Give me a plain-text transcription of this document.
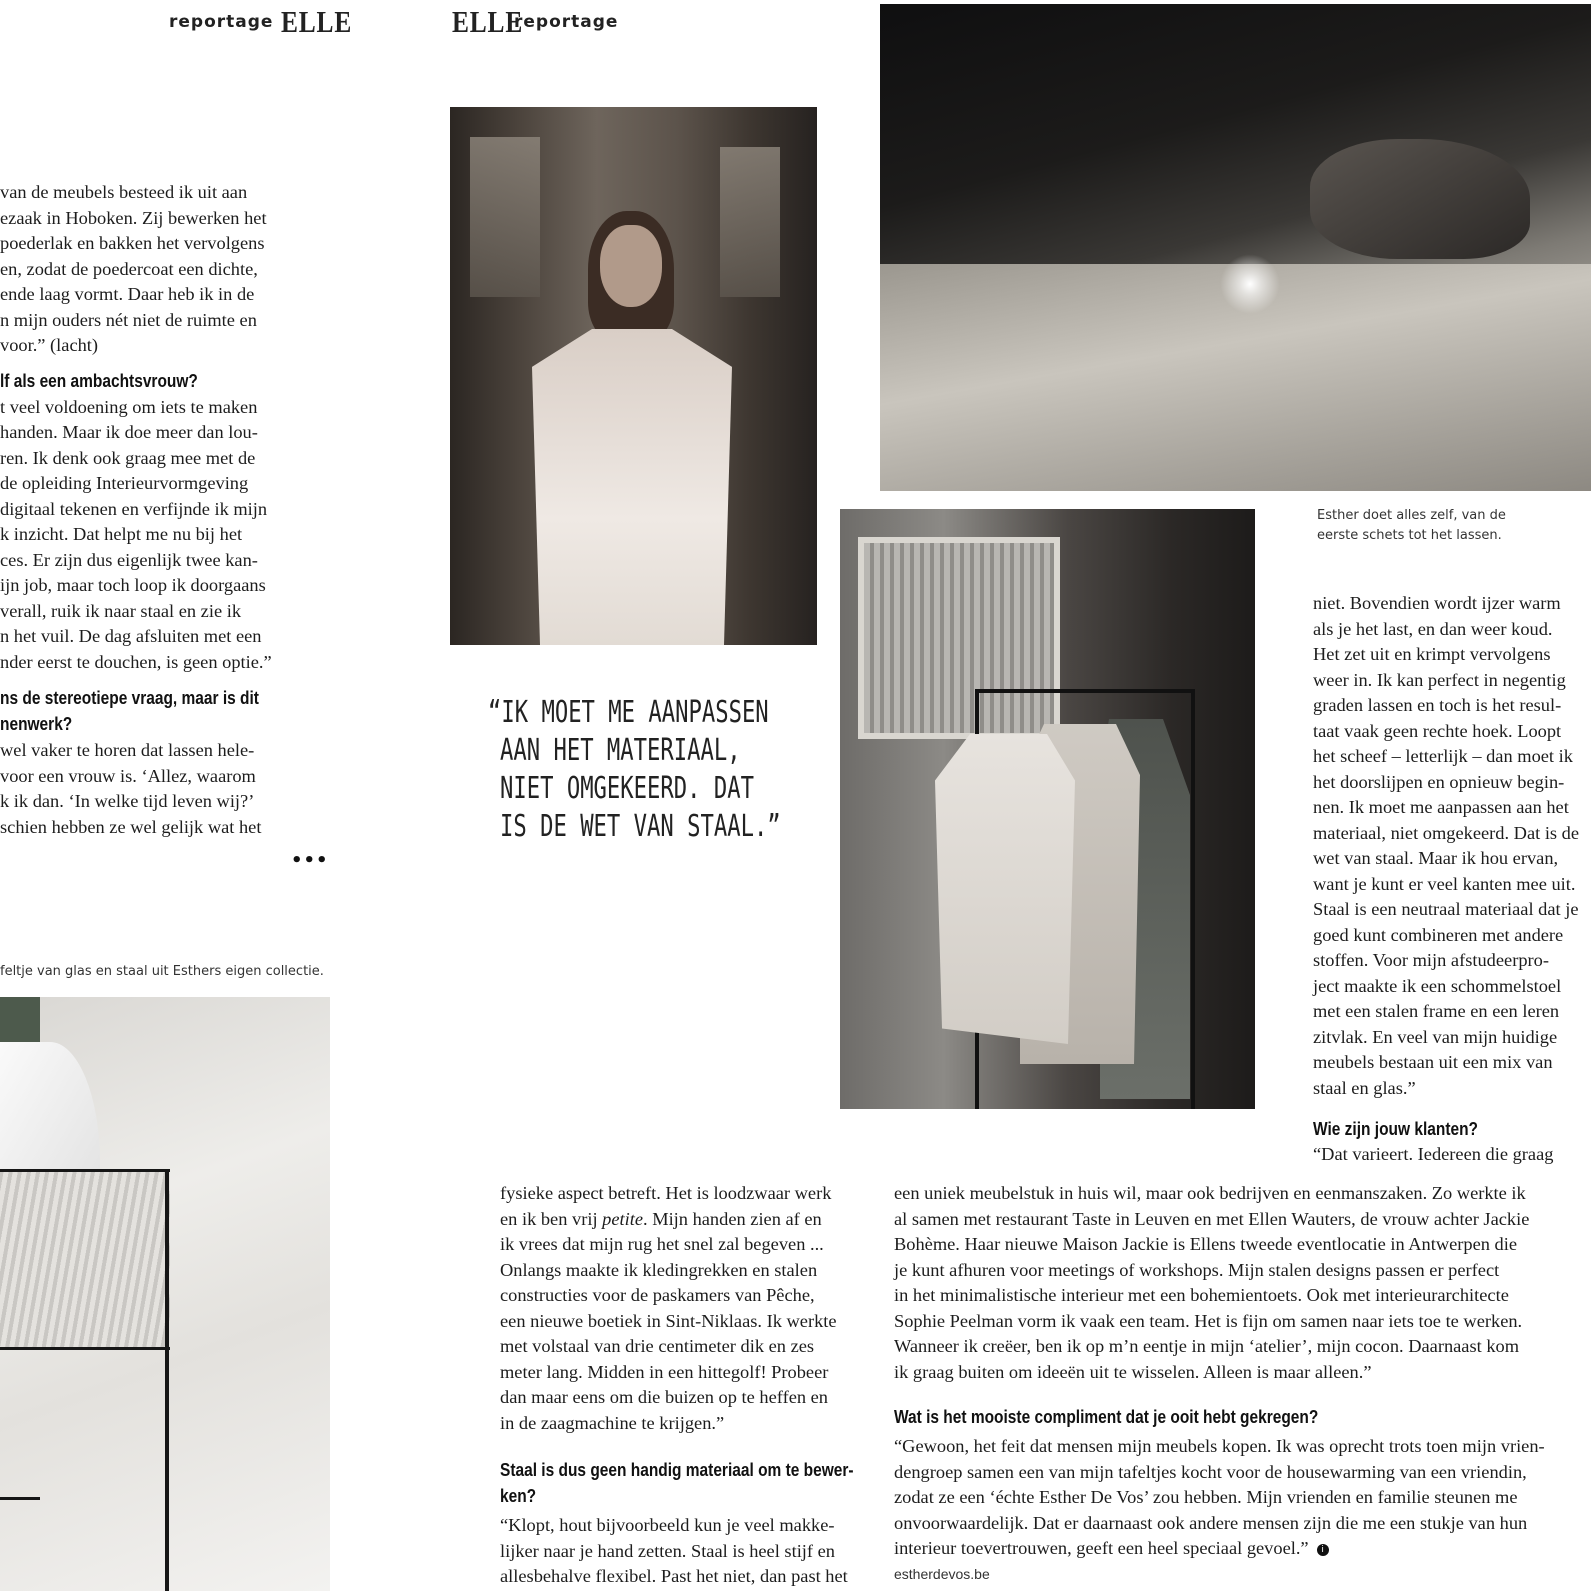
reportage ELLE	ELLE
reportage
van de meubels besteed ik uit aan
ezaak in Hoboken. Zij bewerken het
poederlak en bakken het vervolgens
en, zodat de poedercoat een dichte,
ende laag vormt. Daar heb ik in de
n mijn ouders nét niet de ruimte en
voor.” (lacht)
lf als een ambachtsvrouw?
t veel voldoening om iets te maken
handen. Maar ik doe meer dan lou-
ren. Ik denk ook graag mee met de
de opleiding Interieurvormgeving
digitaal tekenen en verfijnde ik mijn
k inzicht. Dat helpt me nu bij het
ces. Er zijn dus eigenlijk twee kan-
ijn job, maar toch loop ik doorgaans
verall, ruik ik naar staal en zie ik
n het vuil. De dag afsluiten met een
nder eerst te douchen, is geen optie.”
ns de stereotiepe vraag, maar is dit
nenwerk?
wel vaker te horen dat lassen hele-
voor een vrouw is. ‘Allez, waarom
k ik dan. ‘In welke tijd leven wij?’
schien hebben ze wel gelijk wat het
•••
feltje van glas en staal uit Esthers eigen collectie.
“IK MOET ME AANPASSEN
AAN HET MATERIAAL,
NIET OMGEKEERD. DAT
IS DE WET VAN STAAL.”
Esther doet alles zelf, van de
eerste schets tot het lassen.
niet. Bovendien wordt ijzer warm
als je het last, en dan weer koud.
Het zet uit en krimpt vervolgens
weer in. Ik kan perfect in negentig
graden lassen en toch is het resul-
taat vaak geen rechte hoek. Loopt
het scheef – letterlijk – dan moet ik
het doorslijpen en opnieuw begin-
nen. Ik moet me aanpassen aan het
materiaal, niet omgekeerd. Dat is de
wet van staal. Maar ik hou ervan,
want je kunt er veel kanten mee uit.
Staal is een neutraal materiaal dat je
goed kunt combineren met andere
stoffen. Voor mijn afstudeerpro-
ject maakte ik een schommelstoel
met een stalen frame en een leren
zitvlak. En veel van mijn huidige
meubels bestaan uit een mix van
staal en glas.”
Wie zijn jouw klanten?
“Dat varieert. Iedereen die graag
fysieke aspect betreft. Het is loodzwaar werk
en ik ben vrij petite. Mijn handen zien af en
ik vrees dat mijn rug het snel zal begeven ...
Onlangs maakte ik kledingrekken en stalen
constructies voor de paskamers van Pêche,
een nieuwe boetiek in Sint-Niklaas. Ik werkte
met volstaal van drie centimeter dik en zes
meter lang. Midden in een hittegolf! Probeer
dan maar eens om die buizen op te heffen en
in de zaagmachine te krijgen.”
Staal is dus geen handig materiaal om te bewer-
ken?
“Klopt, hout bijvoorbeeld kun je veel makke-
lijker naar je hand zetten. Staal is heel stijf en
allesbehalve flexibel. Past het niet, dan past het
een uniek meubelstuk in huis wil, maar ook bedrijven en eenmanszaken. Zo werkte ik
al samen met restaurant Taste in Leuven en met Ellen Wauters, de vrouw achter Jackie
Bohème. Haar nieuwe Maison Jackie is Ellens tweede eventlocatie in Antwerpen die
je kunt afhuren voor meetings of workshops. Mijn stalen designs passen er perfect
in het minimalistische interieur met een bohemientoets. Ook met interieurarchitecte
Sophie Peelman vorm ik vaak een team. Het is fijn om samen naar iets toe te werken.
Wanneer ik creëer, ben ik op m’n eentje in mijn ‘atelier’, mijn cocon. Daarnaast kom
ik graag buiten om ideeën uit te wisselen. Alleen is maar alleen.”
Wat is het mooiste compliment dat je ooit hebt gekregen?
“Gewoon, het feit dat mensen mijn meubels kopen. Ik was oprecht trots toen mijn vrien-
dengroep samen een van mijn tafeltjes kocht voor de housewarming van een vriendin,
zodat ze een ‘échte Esther De Vos’ zou hebben. Mijn vrienden en familie steunen me
onvoorwaardelijk. Dat er daarnaast ook andere mensen zijn die me een stukje van hun
interieur toevertrouwen, geeft een heel speciaal gevoel.” i
estherdevos.be
